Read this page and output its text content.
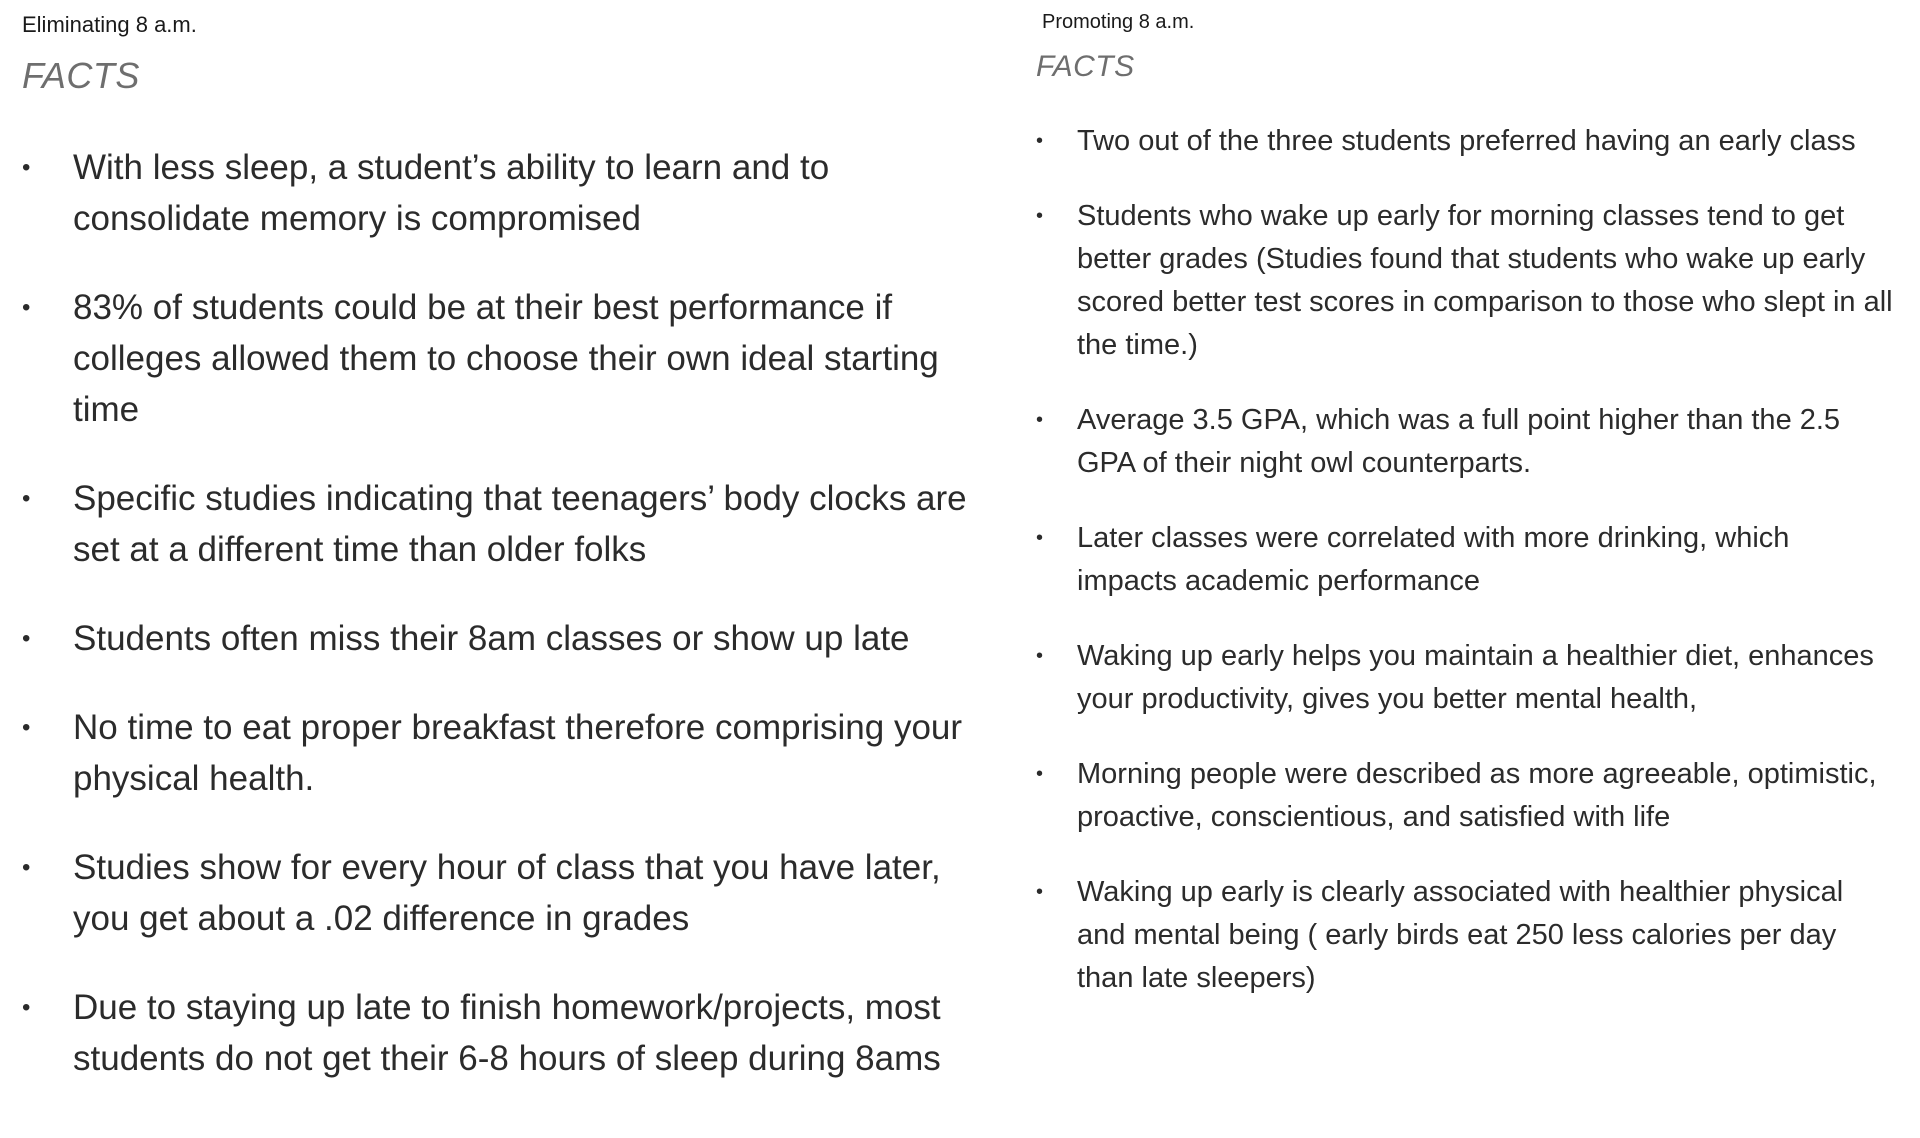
Eliminating 8 a.m.
FACTS
• With less sleep, a student’s ability to learn and to consolidate memory is compromised
• 83% of students could be at their best performance if colleges allowed them to choose their own ideal starting time
• Specific studies indicating that teenagers’ body clocks are set at a different time than older folks
• Students often miss their 8am classes or show up late
• No time to eat proper breakfast therefore comprising your physical health.
• Studies show for every hour of class that you have later, you get about a .02 difference in grades
• Due to staying up late to finish homework/projects, most students do not get their 6-8 hours of sleep during 8ams
Promoting 8 a.m.
FACTS
• Two out of the three students preferred having an early class
• Students who wake up early for morning classes tend to get better grades (Studies found that students who wake up early scored better test scores in comparison to those who slept in all the time.)
• Average 3.5 GPA, which was a full point higher than the 2.5 GPA of their night owl counterparts.
• Later classes were correlated with more drinking, which impacts academic performance
• Waking up early helps you maintain a healthier diet, enhances your productivity, gives you better mental health,
• Morning people were described as more agreeable, optimistic, proactive, conscientious, and satisfied with life
• Waking up early is clearly associated with healthier physical and mental being ( early birds eat 250 less calories per day than late sleepers)
